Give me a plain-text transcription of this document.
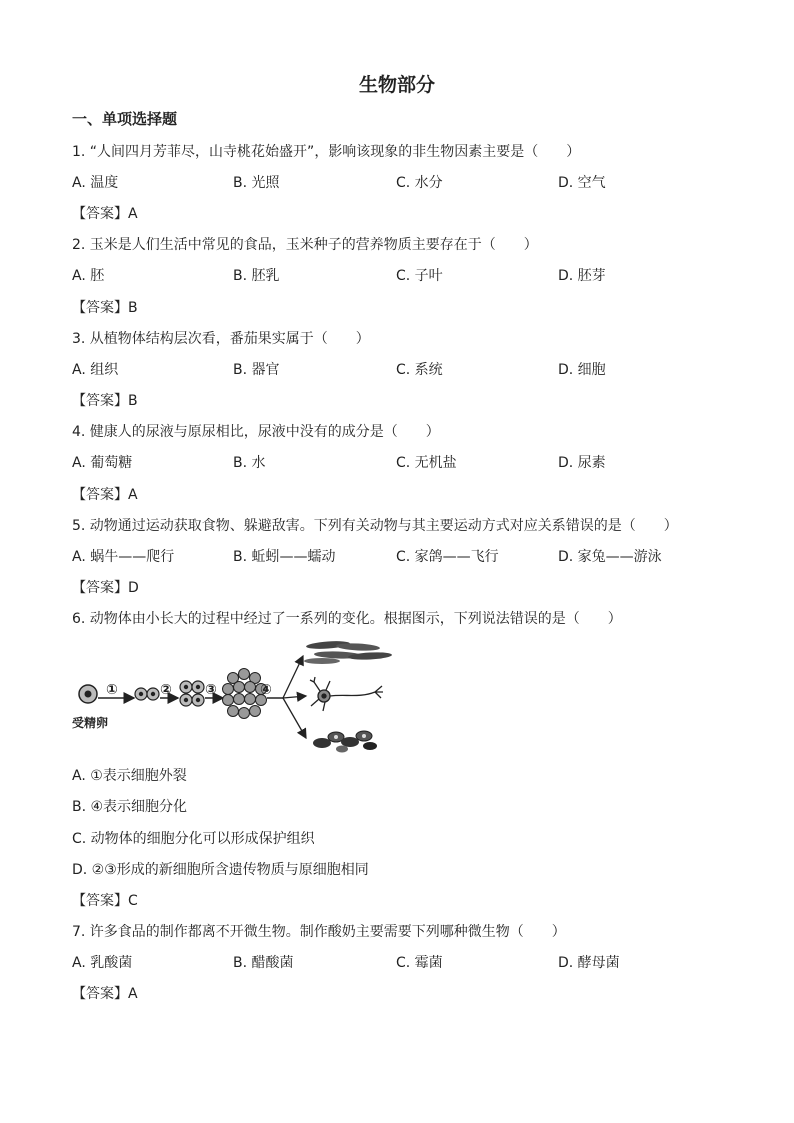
生物部分
一、单项选择题
1. “人间四月芳菲尽，山寺桃花始盛开”，影响该现象的非生物因素主要是（　　）
A. 温度	B. 光照	C. 水分	D. 空气
【答案】A
2. 玉米是人们生活中常见的食品，玉米种子的营养物质主要存在于（　　）
A. 胚	B. 胚乳	C. 子叶	D. 胚芽
【答案】B
3. 从植物体结构层次看，番茄果实属于（　　）
A. 组织	B. 器官	C. 系统	D. 细胞
【答案】B
4. 健康人的尿液与原尿相比，尿液中没有的成分是（　　）
A. 葡萄糖	B. 水	C. 无机盐	D. 尿素
【答案】A
5. 动物通过运动获取食物、躲避敌害。下列有关动物与其主要运动方式对应关系错误的是（　　）
A. 蜗牛——爬行	B. 蚯蚓——蠕动	C. 家鸽——飞行	D. 家兔——游泳
【答案】D
6. 动物体由小长大的过程中经过了一系列的变化。根据图示，下列说法错误的是（　　）
受精卵
①	② ③	④
A. ①表示细胞外裂
B. ④表示细胞分化
C. 动物体的细胞分化可以形成保护组织
D. ②③形成的新细胞所含遗传物质与原细胞相同
【答案】C
7. 许多食品的制作都离不开微生物。制作酸奶主要需要下列哪种微生物（　　）
A. 乳酸菌	B. 醋酸菌	C. 霉菌	D. 酵母菌
【答案】A
